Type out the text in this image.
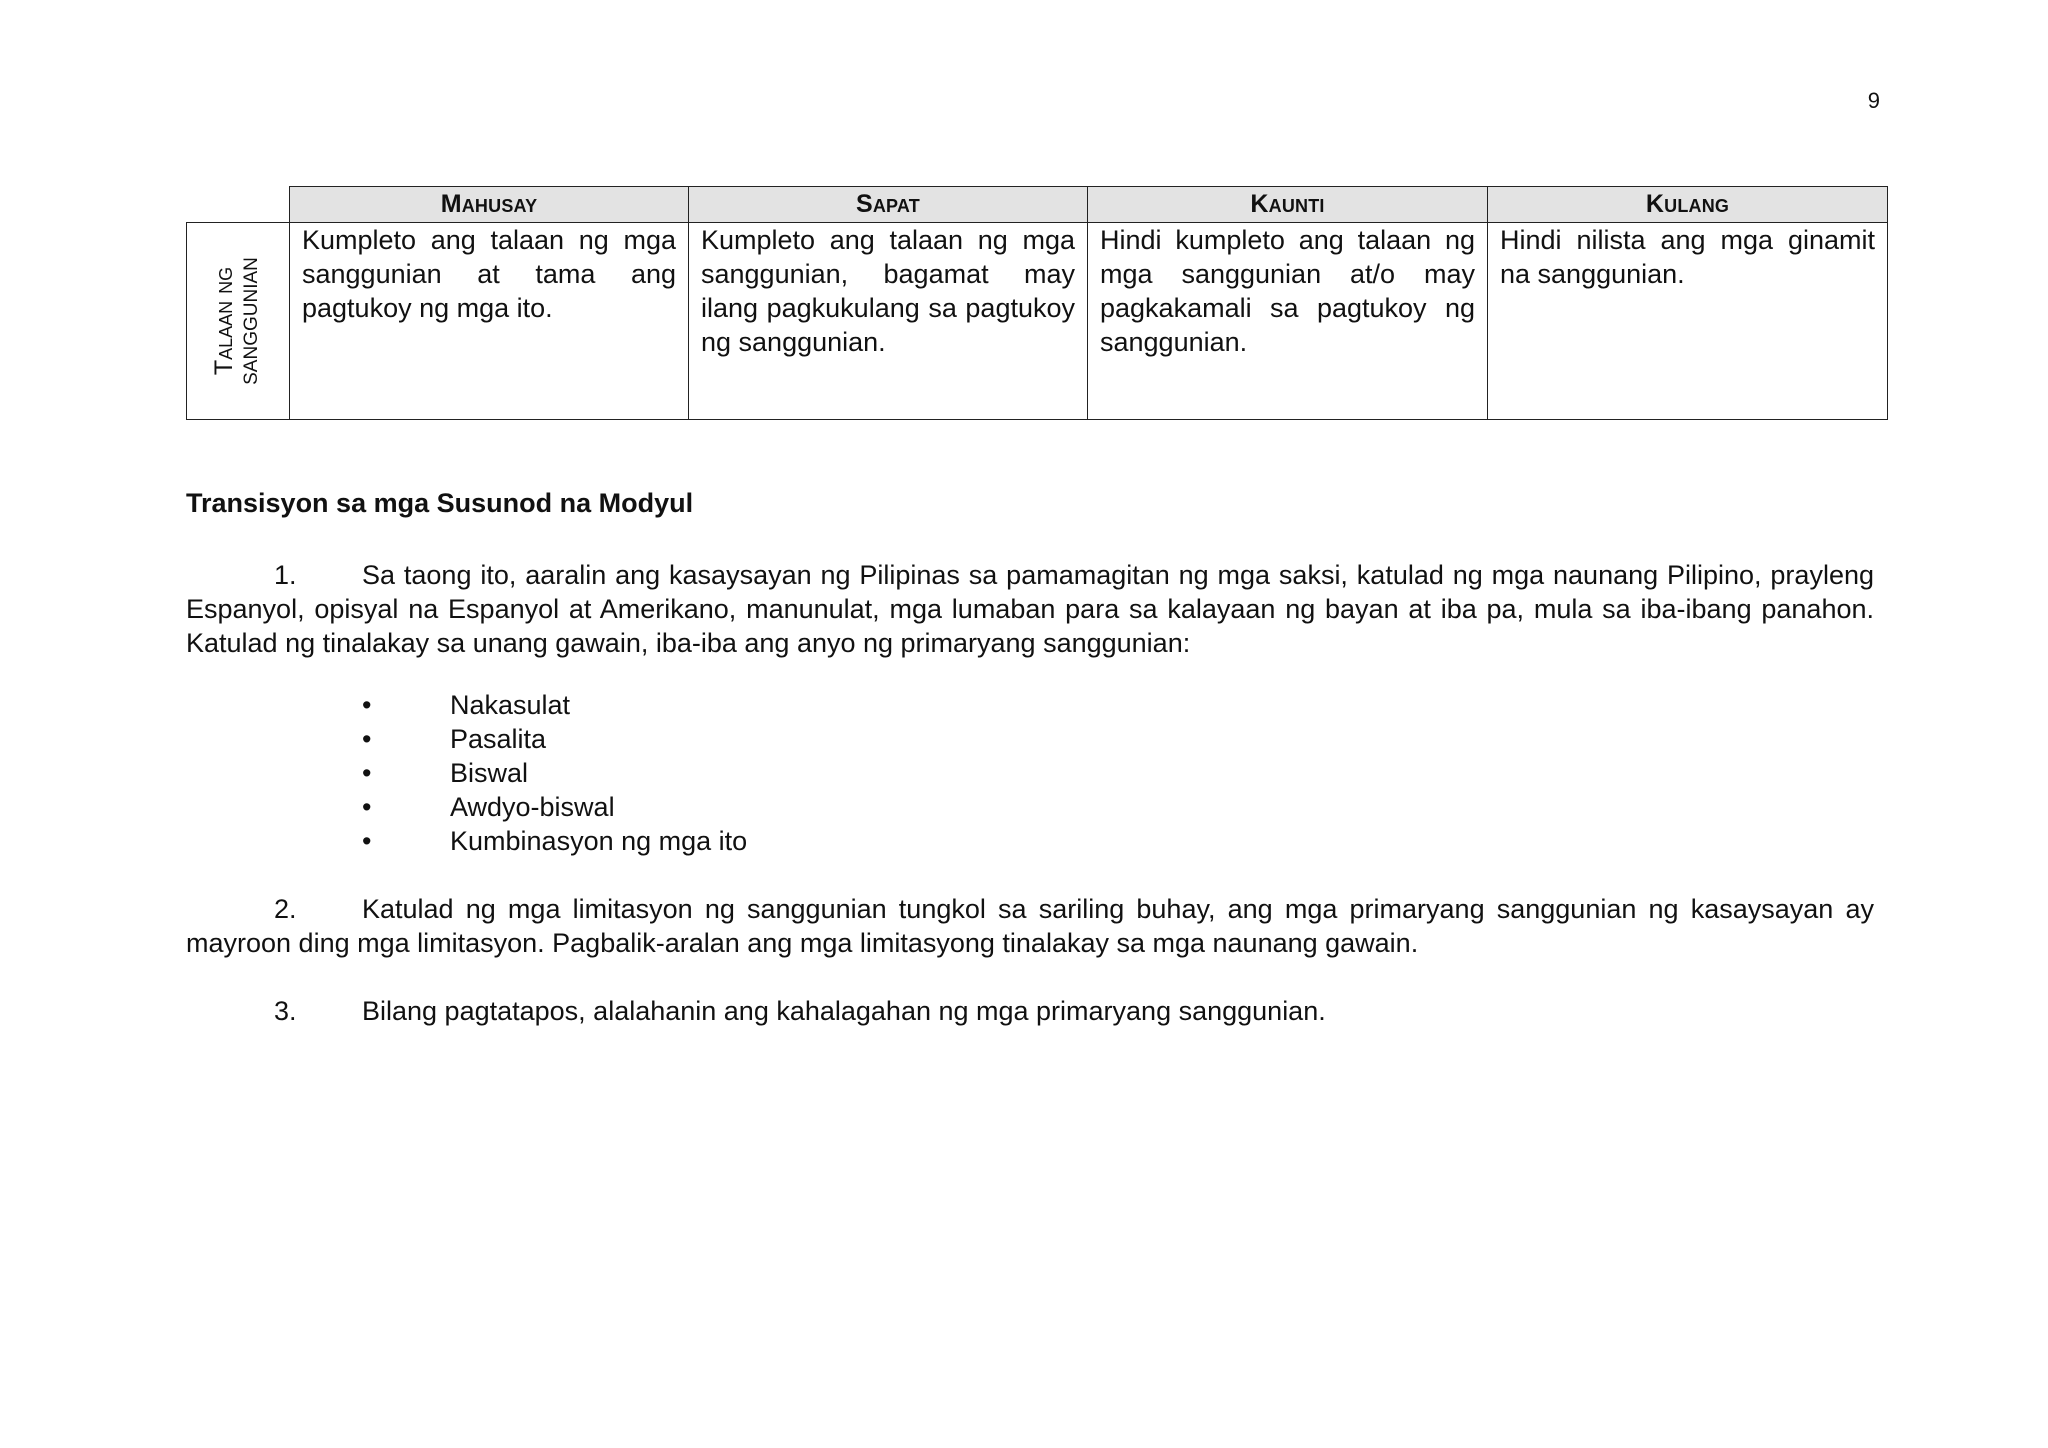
9
	Mahusay	Sapat	Kaunti	Kulang

Talaan ng SANGGUNIAN	Kumpleto ang talaan ng mga sanggunian at tama ang pagtukoy ng mga ito.	Kumpleto ang talaan ng mga sanggunian, bagamat may ilang pagkukulang sa pagtukoy ng sanggunian.	Hindi kumpleto ang talaan ng mga sanggunian at/o may pagkakamali sa pagtukoy ng sanggunian.	Hindi nilista ang mga ginamit na sanggunian.
Transisyon sa mga Susunod na Modyul

1. Sa taong ito, aaralin ang kasaysayan ng Pilipinas sa pamamagitan ng mga saksi, katulad ng mga naunang Pilipino, prayleng Espanyol, opisyal na Espanyol at Amerikano, manunulat, mga lumaban para sa kalayaan ng bayan at iba pa, mula sa iba-ibang panahon. Katulad ng tinalakay sa unang gawain, iba-iba ang anyo ng primaryang sanggunian:

•	Nakasulat
•	Pasalita
•	Biswal
•	Awdyo-biswal
•	Kumbinasyon ng mga ito

2. Katulad ng mga limitasyon ng sanggunian tungkol sa sariling buhay, ang mga primaryang sanggunian ng kasaysayan ay mayroon ding mga limitasyon. Pagbalik-aralan ang mga limitasyong tinalakay sa mga naunang gawain.

3. Bilang pagtatapos, alalahanin ang kahalagahan ng mga primaryang sanggunian.
